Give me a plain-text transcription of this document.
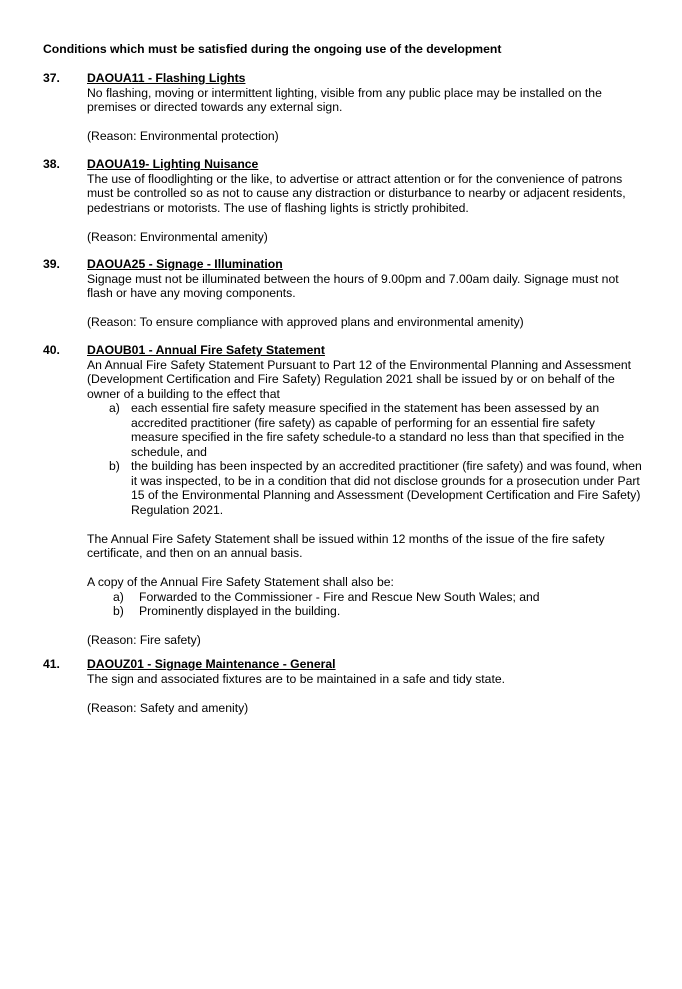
Conditions which must be satisfied during the ongoing use of the development
37. DAOUA11 - Flashing Lights

No flashing, moving or intermittent lighting, visible from any public place may be installed on the premises or directed towards any external sign.

(Reason: Environmental protection)

38. DAOUA19- Lighting Nuisance

The use of floodlighting or the like, to advertise or attract attention or for the convenience of patrons must be controlled so as not to cause any distraction or disturbance to nearby or adjacent residents, pedestrians or motorists. The use of flashing lights is strictly prohibited.

(Reason: Environmental amenity)

39. DAOUA25 - Signage - Illumination

Signage must not be illuminated between the hours of 9.00pm and 7.00am daily. Signage must not flash or have any moving components.

(Reason: To ensure compliance with approved plans and environmental amenity)

40. DAOUB01 - Annual Fire Safety Statement

An Annual Fire Safety Statement Pursuant to Part 12 of the Environmental Planning and Assessment (Development Certification and Fire Safety) Regulation 2021 shall be issued by or on behalf of the owner of a building to the effect that

a) each essential fire safety measure specified in the statement has been assessed by an accredited practitioner (fire safety) as capable of performing for an essential fire safety measure specified in the fire safety schedule-to a standard no less than that specified in the schedule, and
b) the building has been inspected by an accredited practitioner (fire safety) and was found, when it was inspected, to be in a condition that did not disclose grounds for a prosecution under Part 15 of the Environmental Planning and Assessment (Development Certification and Fire Safety) Regulation 2021.

The Annual Fire Safety Statement shall be issued within 12 months of the issue of the fire safety certificate, and then on an annual basis.

A copy of the Annual Fire Safety Statement shall also be:

a) Forwarded to the Commissioner - Fire and Rescue New South Wales; and
b) Prominently displayed in the building.

(Reason: Fire safety)

41. DAOUZ01 - Signage Maintenance - General

The sign and associated fixtures are to be maintained in a safe and tidy state.

(Reason: Safety and amenity)
